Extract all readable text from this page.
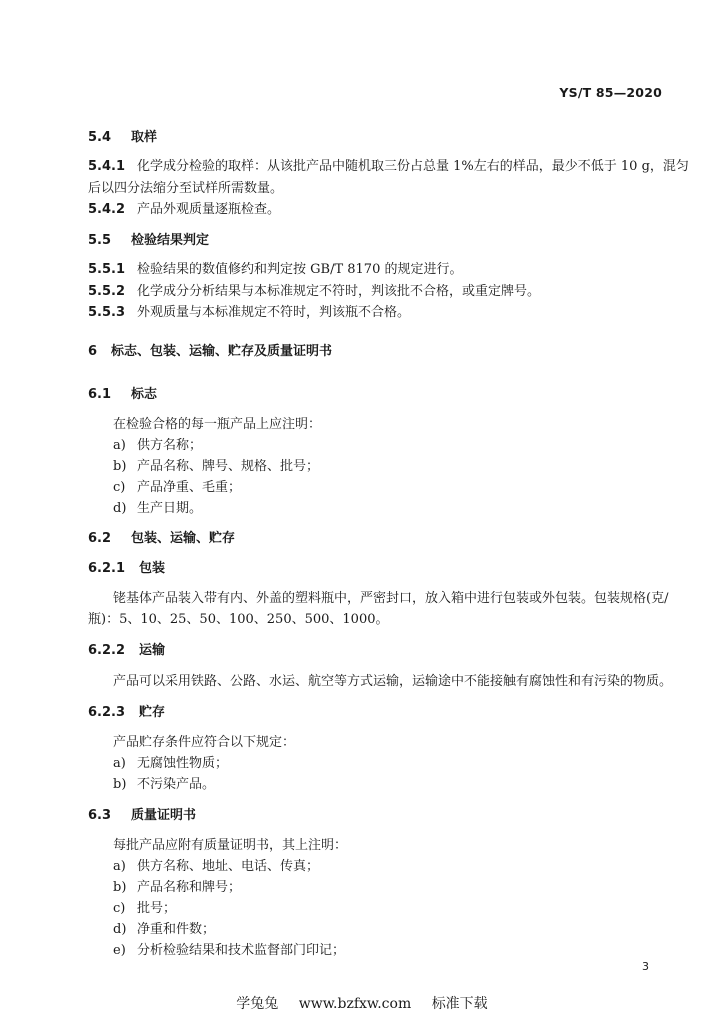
YS/T 85—2020
5.4 取样
5.4.1 化学成分检验的取样：从该批产品中随机取三份占总量 1%左右的样品，最少不低于 10 g，混匀
后以四分法缩分至试样所需数量。
5.4.2 产品外观质量逐瓶检查。
5.5 检验结果判定
5.5.1 检验结果的数值修约和判定按 GB/T 8170 的规定进行。
5.5.2 化学成分分析结果与本标准规定不符时，判该批不合格，或重定牌号。
5.5.3 外观质量与本标准规定不符时，判该瓶不合格。
6 标志、包装、运输、贮存及质量证明书
6.1 标志
在检验合格的每一瓶产品上应注明：
a) 供方名称；
b) 产品名称、牌号、规格、批号；
c) 产品净重、毛重；
d) 生产日期。
6.2 包装、运输、贮存
6.2.1 包装
铑基体产品装入带有内、外盖的塑料瓶中，严密封口，放入箱中进行包装或外包装。包装规格(克/
瓶)：5、10、25、50、100、250、500、1000。
6.2.2 运输
产品可以采用铁路、公路、水运、航空等方式运输，运输途中不能接触有腐蚀性和有污染的物质。
6.2.3 贮存
产品贮存条件应符合以下规定：
a) 无腐蚀性物质；
b) 不污染产品。
6.3 质量证明书
每批产品应附有质量证明书，其上注明：
a) 供方名称、地址、电话、传真；
b) 产品名称和牌号；
c) 批号；
d) 净重和件数；
e) 分析检验结果和技术监督部门印记；
3
学兔兔 www.bzfxw.com 标准下载
